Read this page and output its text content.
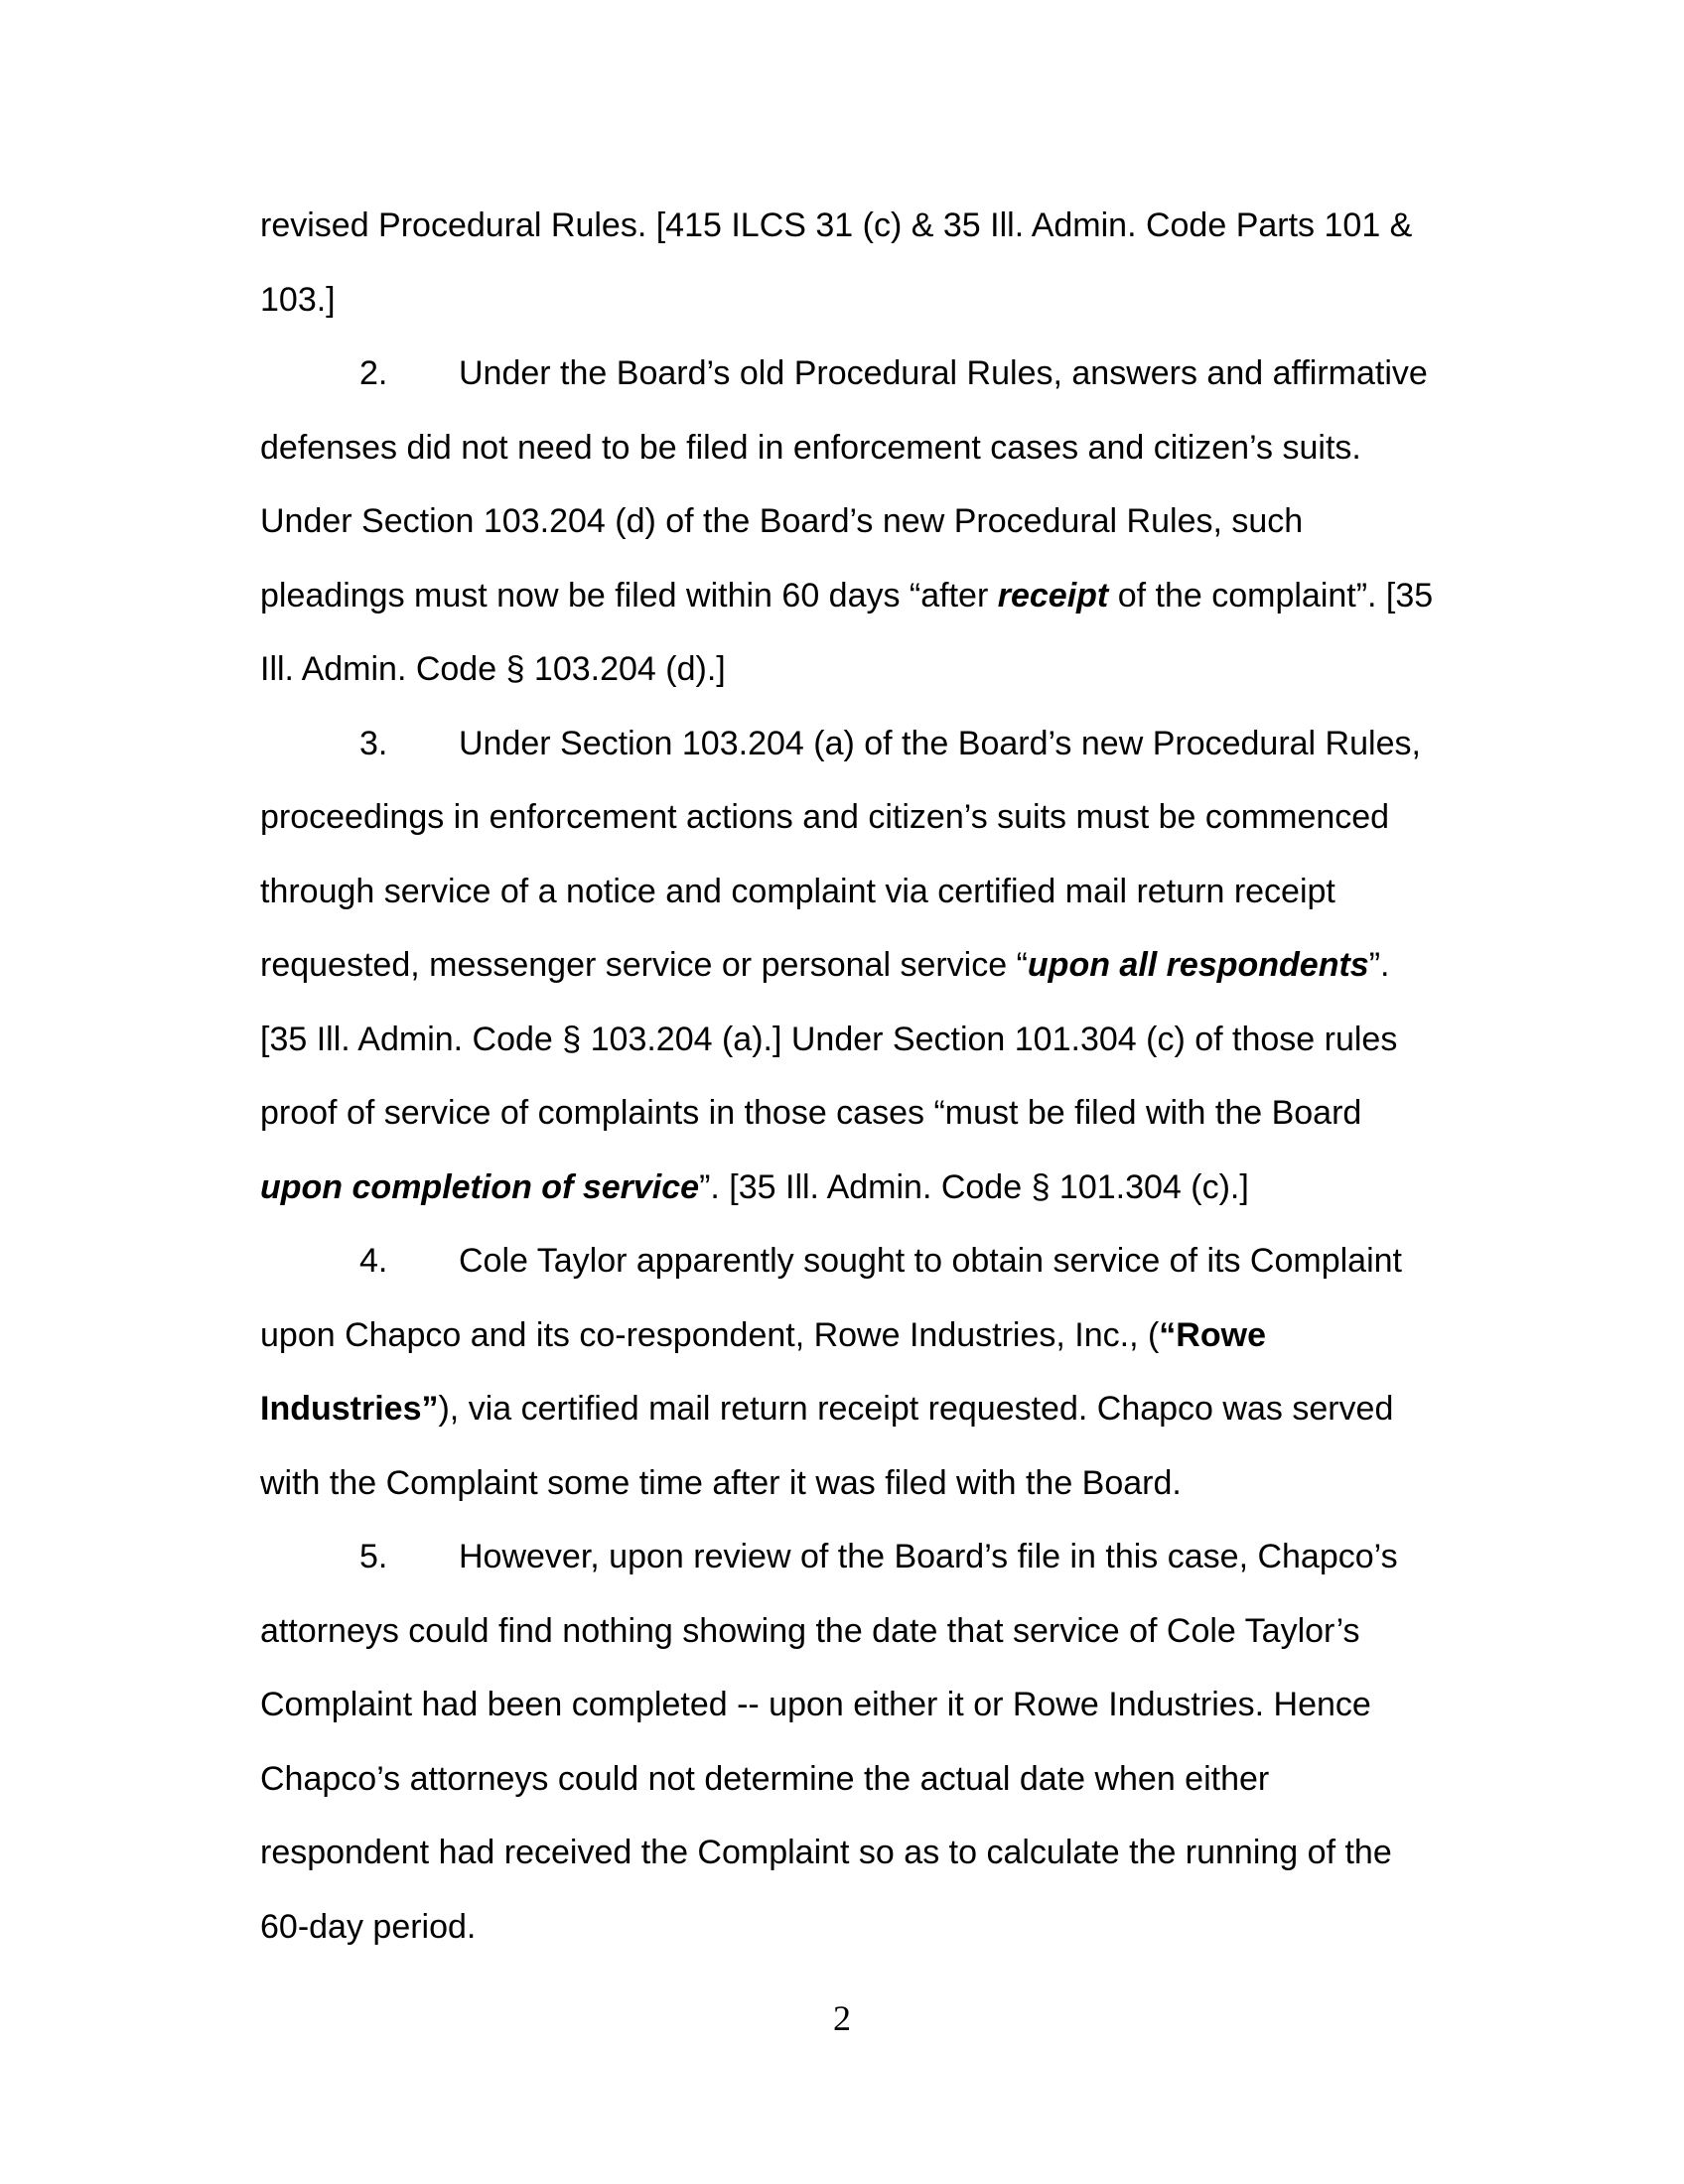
revised Procedural Rules. [415 ILCS 31 (c) & 35 Ill. Admin. Code Parts 101 & 103.]

2. Under the Board’s old Procedural Rules, answers and affirmative defenses did not need to be filed in enforcement cases and citizen’s suits. Under Section 103.204 (d) of the Board’s new Procedural Rules, such pleadings must now be filed within 60 days “after receipt of the complaint”. [35 Ill. Admin. Code § 103.204 (d).]

3. Under Section 103.204 (a) of the Board’s new Procedural Rules, proceedings in enforcement actions and citizen’s suits must be commenced through service of a notice and complaint via certified mail return receipt requested, messenger service or personal service “upon all respondents”. [35 Ill. Admin. Code § 103.204 (a).] Under Section 101.304 (c) of those rules proof of service of complaints in those cases “must be filed with the Board upon completion of service”. [35 Ill. Admin. Code § 101.304 (c).]

4. Cole Taylor apparently sought to obtain service of its Complaint upon Chapco and its co-respondent, Rowe Industries, Inc., (“Rowe Industries”), via certified mail return receipt requested. Chapco was served with the Complaint some time after it was filed with the Board.

5. However, upon review of the Board’s file in this case, Chapco’s attorneys could find nothing showing the date that service of Cole Taylor’s Complaint had been completed -- upon either it or Rowe Industries. Hence Chapco’s attorneys could not determine the actual date when either respondent had received the Complaint so as to calculate the running of the 60-day period.

2
